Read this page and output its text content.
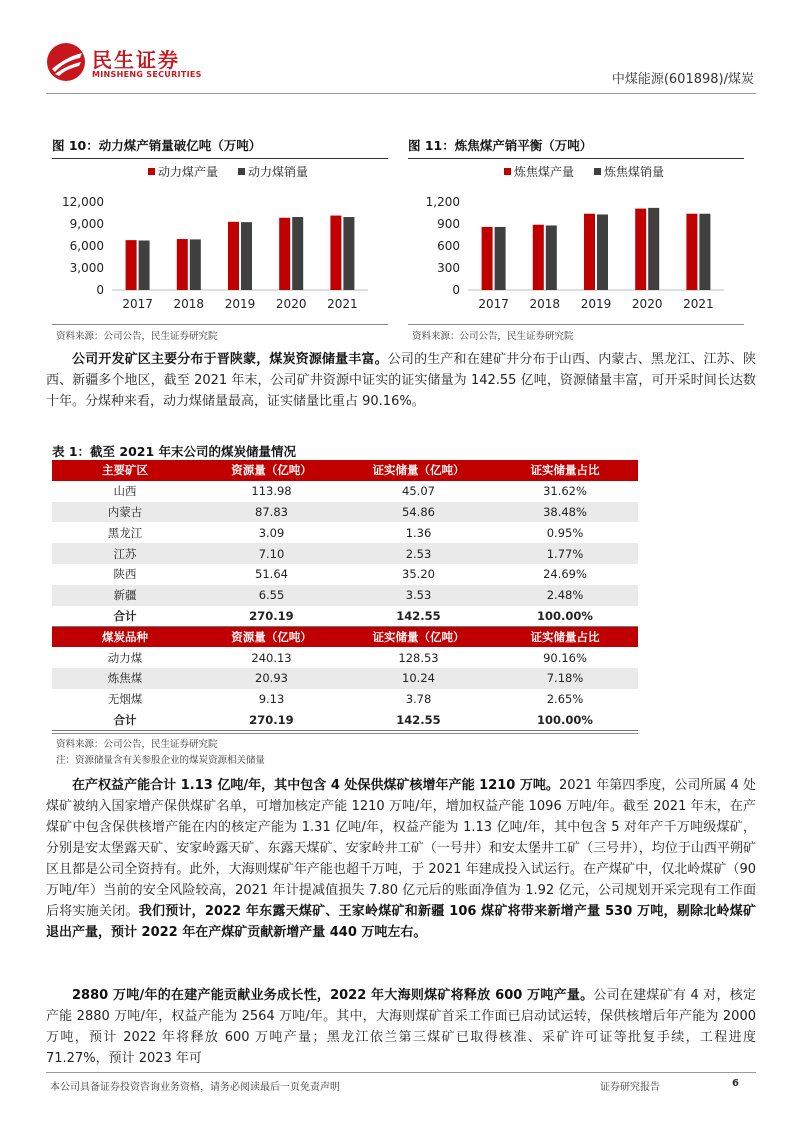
民生证券
MINSHENG SECURITIES	中煤能源(601898)/煤炭
图 10：动力煤产销量破亿吨（万吨）
动力煤产量 动力煤销量
0
3,000
6,000
9,000
12,000
2017 2018 2019 2020 2021
资料来源：公司公告，民生证券研究院
图 11：炼焦煤产销平衡（万吨）
炼焦煤产量 炼焦煤销量
0
300
600
900
1,200
2017 2018 2019 2020 2021
资料来源：公司公告，民生证券研究院
公司开发矿区主要分布于晋陕蒙，煤炭资源储量丰富。公司的生产和在建矿井分布于山西、内蒙古、黑龙江、江苏、陕西、新疆多个地区，截至 2021 年末，公司矿井资源中证实的证实储量为 142.55 亿吨，资源储量丰富，可开采时间长达数十年。分煤种来看，动力煤储量最高，证实储量比重占 90.16%。
表 1：截至 2021 年末公司的煤炭储量情况
主要矿区	资源量（亿吨）	证实储量（亿吨）	证实储量占比
山西	113.98	45.07	31.62%
内蒙古	87.83	54.86	38.48%
黑龙江	3.09	1.36	0.95%
江苏	7.10	2.53	1.77%
陕西	51.64	35.20	24.69%
新疆	6.55	3.53	2.48%
合计	270.19	142.55	100.00%
煤炭品种	资源量（亿吨）	证实储量（亿吨）	证实储量占比
动力煤	240.13	128.53	90.16%
炼焦煤	20.93	10.24	7.18%
无烟煤	9.13	3.78	2.65%
合计	270.19	142.55	100.00%
资料来源：公司公告，民生证券研究院
注：资源储量含有关参股企业的煤炭资源相关储量
在产权益产能合计 1.13 亿吨/年，其中包含 4 处保供煤矿核增年产能 1210 万吨。2021 年第四季度，公司所属 4 处煤矿被纳入国家增产保供煤矿名单，可增加核定产能 1210 万吨/年，增加权益产能 1096 万吨/年。截至 2021 年末，在产煤矿中包含保供核增产能在内的核定产能为 1.31 亿吨/年，权益产能为 1.13 亿吨/年，其中包含 5 对年产千万吨级煤矿，分别是安太堡露天矿、安家岭露天矿、东露天煤矿、安家岭井工矿（一号井）和安太堡井工矿（三号井），均位于山西平朔矿区且都是公司全资持有。此外，大海则煤矿年产能也超千万吨，于 2021 年建成投入试运行。在产煤矿中，仅北岭煤矿（90 万吨/年）当前的安全风险较高，2021 年计提减值损失 7.80 亿元后的账面净值为 1.92 亿元，公司规划开采完现有工作面后将实施关闭。我们预计，2022 年东露天煤矿、王家岭煤矿和新疆 106 煤矿将带来新增产量 530 万吨，剔除北岭煤矿退出产量，预计 2022 年在产煤矿贡献新增产量 440 万吨左右。
2880 万吨/年的在建产能贡献业务成长性，2022 年大海则煤矿将释放 600 万吨产量。公司在建煤矿有 4 对，核定产能 2880 万吨/年，权益产能为 2564 万吨/年。其中，大海则煤矿首采工作面已启动试运转，保供核增后年产能为 2000 万吨，预计 2022 年将释放 600 万吨产量；黑龙江依兰第三煤矿已取得核准、采矿许可证等批复手续，工程进度 71.27%，预计 2023 年可
本公司具备证券投资咨询业务资格，请务必阅读最后一页免责声明	证券研究报告	6
